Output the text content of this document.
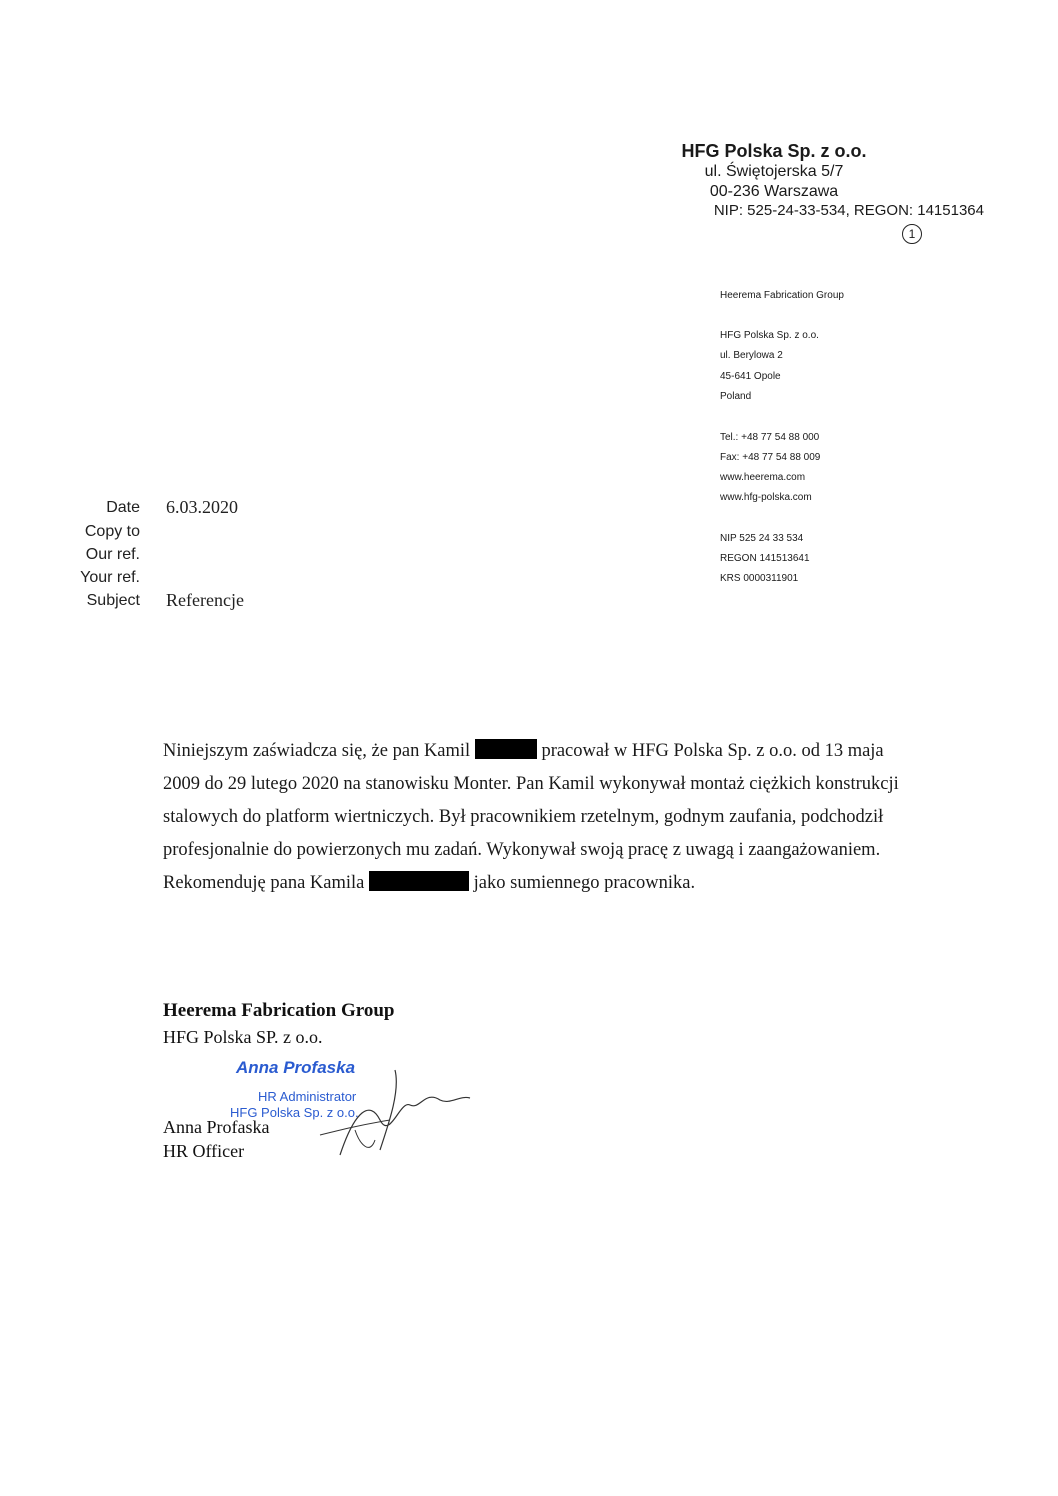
HFG Polska Sp. z o.o.
ul. Świętojerska 5/7
00-236 Warszawa
NIP: 525-24-33-534, REGON: 14151364
1
Heerema Fabrication Group
HFG Polska Sp. z o.o.
ul. Berylowa 2
45-641 Opole
Poland
Tel.: +48 77 54 88 000
Fax: +48 77 54 88 009
www.heerema.com
www.hfg-polska.com
NIP 525 24 33 534
REGON 141513641
KRS 0000311901
Date 6.03.2020
Copy to
Our ref.
Your ref.
Subject Referencje
Niniejszym zaświadcza się, że pan Kamil	pracował w HFG Polska Sp. z o.o. od 13 maja
2009 do 29 lutego 2020 na stanowisku Monter. Pan Kamil wykonywał montaż ciężkich konstrukcji
stalowych do platform wiertniczych. Był pracownikiem rzetelnym, godnym zaufania, podchodził
profesjonalnie do powierzonych mu zadań. Wykonywał swoją pracę z uwagą i zaangażowaniem.
Rekomenduję pana Kamila	jako sumiennego pracownika.
Heerema Fabrication Group
HFG Polska SP. z o.o.
Anna Profaska
HR Administrator
HFG Polska Sp. z o.o.
Anna Profaska
HR Officer
